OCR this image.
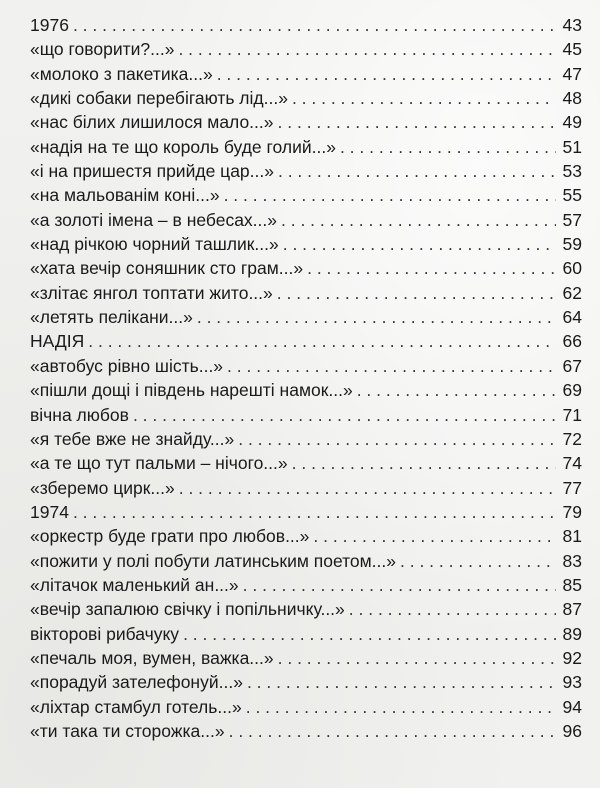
1976 . . .	43
«що говорити?...» . . .	45
«молоко з пакетика...» . . .	47
«дикі собаки перебігають лід...» . . .	48
«нас білих лишилося мало...» . . .	49
«надія на те що король буде голий...» . . .	51
«і на пришестя прийде цар...» . . .	53
«на мальованім коні...» . . .	55
«а золоті імена – в небесах...» . . .	57
«над річкою чорний ташлик...» . . .	59
«хата вечір соняшник сто грам...» . . .	60
«злітає янгол топтати жито...» . . .	62
«летять пелікани...» . . .	64
НАДІЯ . . .	66
«автобус рівно шість...» . . .	67
«пішли дощі і південь нарешті намок...» . . .	69
вічна любов . . .	71
«я тебе вже не знайду...» . . .	72
«а те що тут пальми – нічого...» . . .	74
«зберемо цирк...» . . .	77
1974 . . .	79
«оркестр буде грати про любов...» . . .	81
«пожити у полі побути латинським поетом...» . . .	83
«літачок маленький ан...» . . .	85
«вечір запалюю свічку і попільничку...» . . .	87
вікторові рибачуку . . .	89
«печаль моя, вумен, важка...» . . .	92
«порадуй зателефонуй...» . . .	93
«ліхтар стамбул готель...» . . .	94
«ти така ти сторожка...» . . .	96
